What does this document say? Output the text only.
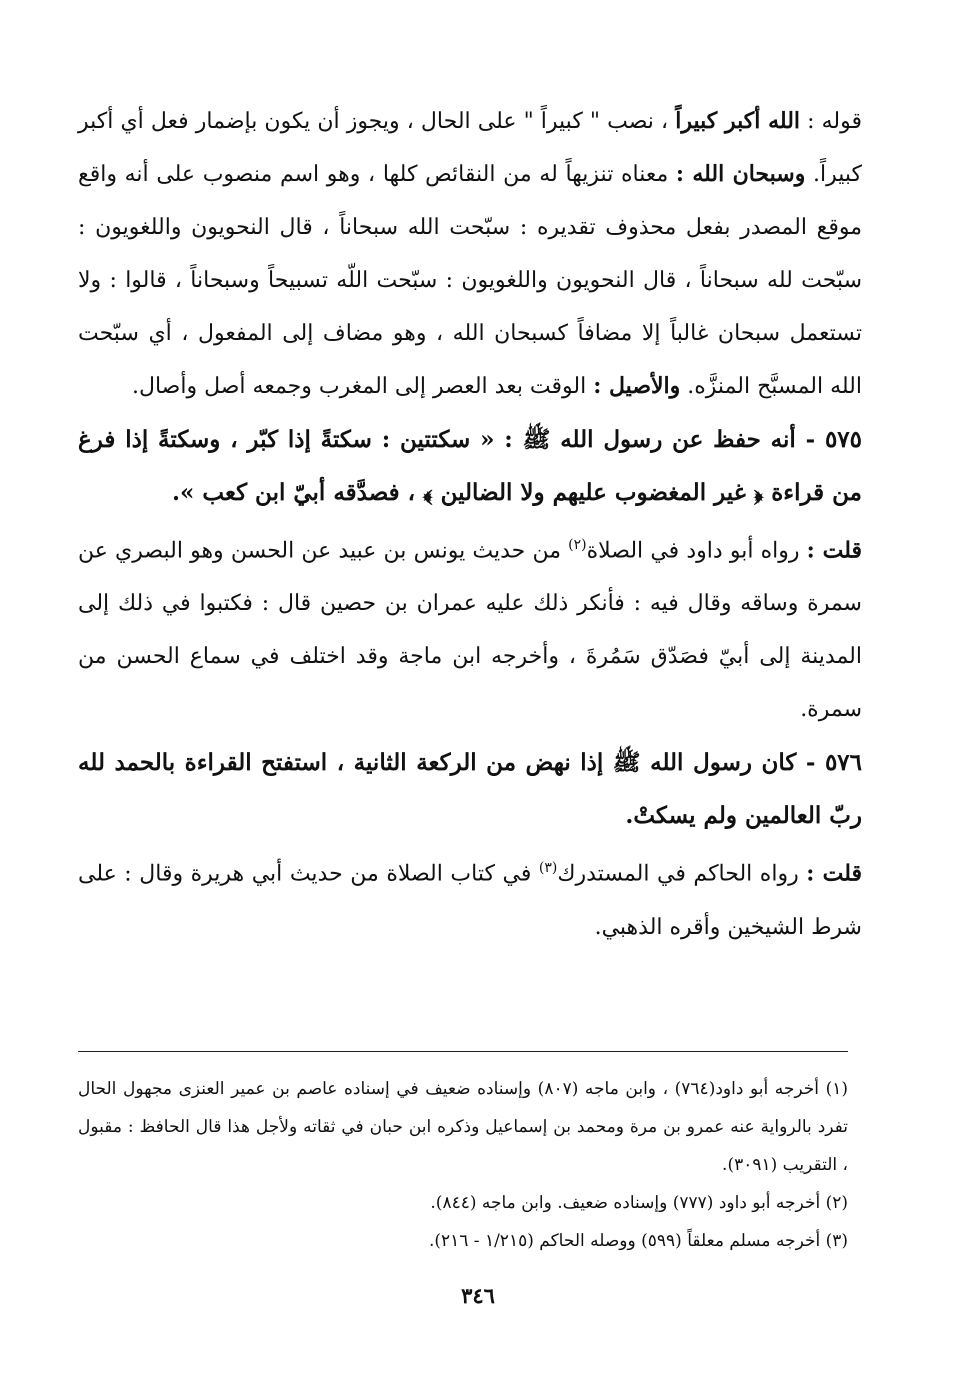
قوله : الله أكبر كبيراً ، نصب " كبيراً " على الحال ، ويجوز أن يكون بإضمار فعل أي أكبر كبيراً. وسبحان الله : معناه تنزيهاً له من النقائص كلها ، وهو اسم منصوب على أنه واقع موقع المصدر بفعل محذوف تقديره : سبّحت الله سبحاناً ، قال النحويون واللغويون : سبّحت لله سبحاناً ، قال النحويون واللغويون : سبّحت اللّه تسبيحاً وسبحاناً ، قالوا : ولا تستعمل سبحان غالباً إلا مضافاً كسبحان الله ، وهو مضاف إلى المفعول ، أي سبّحت الله المسبَّح المنزَّه. والأصيل : الوقت بعد العصر إلى المغرب وجمعه أصل وأصال.

٥٧٥ - أنه حفظ عن رسول الله ﷺ : « سكتتين : سكتةً إذا كبّر ، وسكتةً إذا فرغ من قراءة ﴿ غير المغضوب عليهم ولا الضالين ﴾ ، فصدَّقه أبيّ ابن كعب ».

قلت : رواه أبو داود في الصلاة$^{(٢)}$ من حديث يونس بن عبيد عن الحسن وهو البصري عن سمرة وساقه وقال فيه : فأنكر ذلك عليه عمران بن حصين قال : فكتبوا في ذلك إلى المدينة إلى أبيّ فصَدّق سَمُرةَ ، وأخرجه ابن ماجة وقد اختلف في سماع الحسن من سمرة.

٥٧٦ - كان رسول الله ﷺ إذا نهض من الركعة الثانية ، استفتح القراءة بالحمد لله ربّ العالمين ولم يسكتْ.

قلت : رواه الحاكم في المستدرك$^{(٣)}$ في كتاب الصلاة من حديث أبي هريرة وقال : على شرط الشيخين وأقره الذهبي.

(١) أخرجه أبو داود(٧٦٤) ، وابن ماجه (٨٠٧) وإسناده ضعيف في إسناده عاصم بن عمير العنزى مجهول الحال تفرد بالرواية عنه عمرو بن مرة ومحمد بن إسماعيل وذكره ابن حبان في ثقاته ولأجل هذا قال الحافظ : مقبول ، التقريب (٣٠٩١).

(٢) أخرجه أبو داود (٧٧٧) وإسناده ضعيف. وابن ماجه (٨٤٤).

(٣) أخرجه مسلم معلقاً (٥٩٩) ووصله الحاكم (١/٢١٥ - ٢١٦).

٣٤٦
